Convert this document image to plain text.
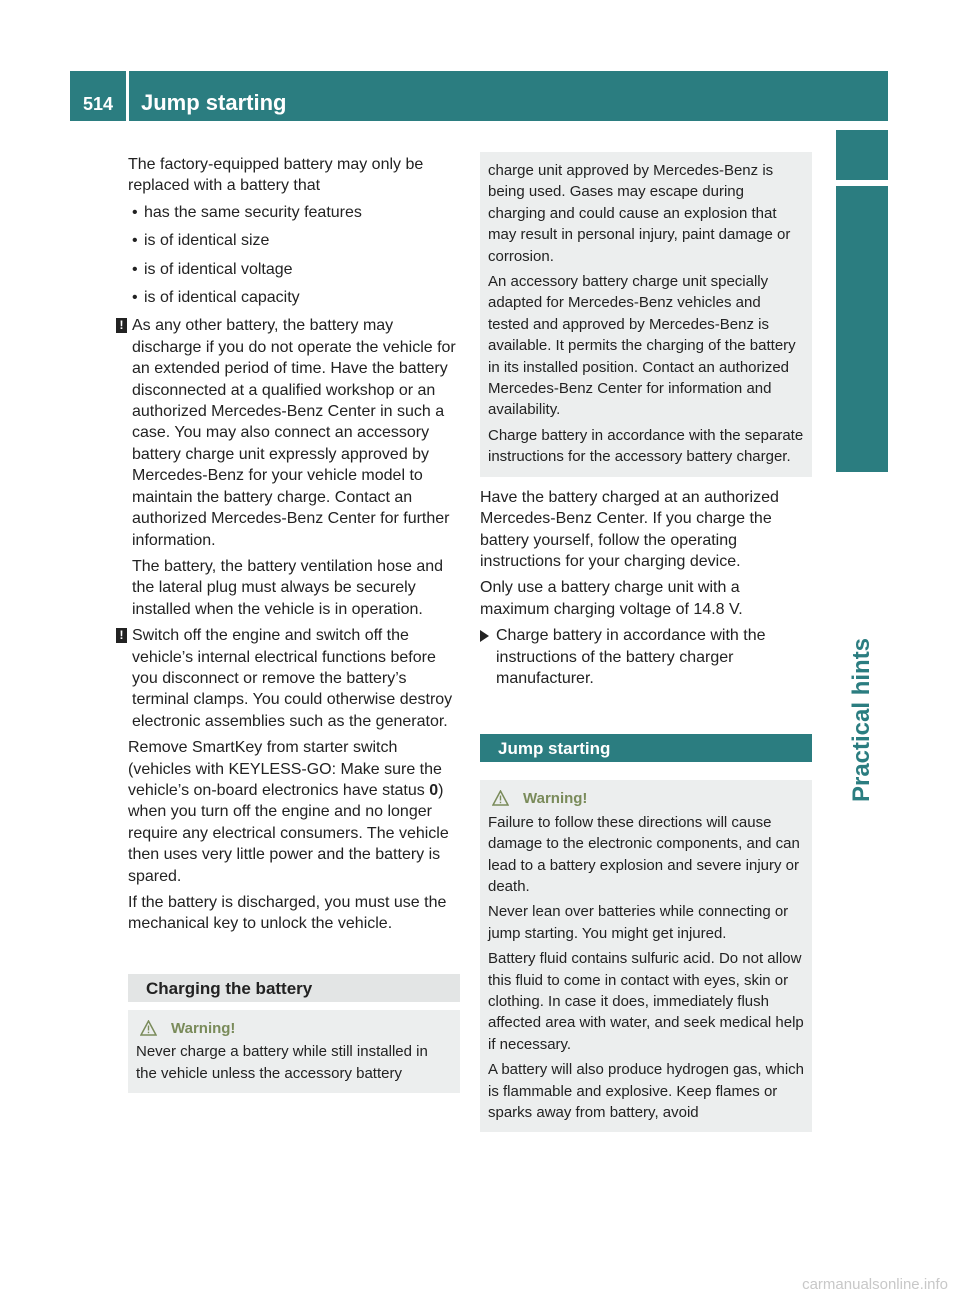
514	Jump starting
Practical hints

The factory-equipped battery may only be replaced with a battery that

• has the same security features

• is of identical size

• is of identical voltage

• is of identical capacity

! As any other battery, the battery may discharge if you do not operate the vehicle for an extended period of time. Have the battery disconnected at a qualified workshop or an authorized Mercedes-Benz Center in such a case. You may also connect an accessory battery charge unit expressly approved by Mercedes-Benz for your vehicle model to maintain the battery charge. Contact an authorized Mercedes-Benz Center for further information.

The battery, the battery ventilation hose and the lateral plug must always be securely installed when the vehicle is in operation.

! Switch off the engine and switch off the vehicle’s internal electrical functions before you disconnect or remove the battery’s terminal clamps. You could otherwise destroy electronic assemblies such as the generator.

Remove SmartKey from starter switch (vehicles with KEYLESS-GO: Make sure the vehicle’s on-board electronics have status 0) when you turn off the engine and no longer require any electrical consumers. The vehicle then uses very little power and the battery is spared.

If the battery is discharged, you must use the mechanical key to unlock the vehicle.

Charging the battery
Warning!

Never charge a battery while still installed in the vehicle unless the accessory battery

charge unit approved by Mercedes-Benz is being used. Gases may escape during charging and could cause an explosion that may result in personal injury, paint damage or corrosion.

An accessory battery charge unit specially adapted for Mercedes-Benz vehicles and tested and approved by Mercedes-Benz is available. It permits the charging of the battery in its installed position. Contact an authorized Mercedes-Benz Center for information and availability.

Charge battery in accordance with the separate instructions for the accessory battery charger.

Have the battery charged at an authorized Mercedes-Benz Center. If you charge the battery yourself, follow the operating instructions for your charging device.

Only use a battery charge unit with a maximum charging voltage of 14.8 V.

Charge battery in accordance with the instructions of the battery charger manufacturer.
Jump starting
Warning!

Failure to follow these directions will cause damage to the electronic components, and can lead to a battery explosion and severe injury or death.

Never lean over batteries while connecting or jump starting. You might get injured.

Battery fluid contains sulfuric acid. Do not allow this fluid to come in contact with eyes, skin or clothing. In case it does, immediately flush affected area with water, and seek medical help if necessary.

A battery will also produce hydrogen gas, which is flammable and explosive. Keep flames or sparks away from battery, avoid

carmanualsonline.info
